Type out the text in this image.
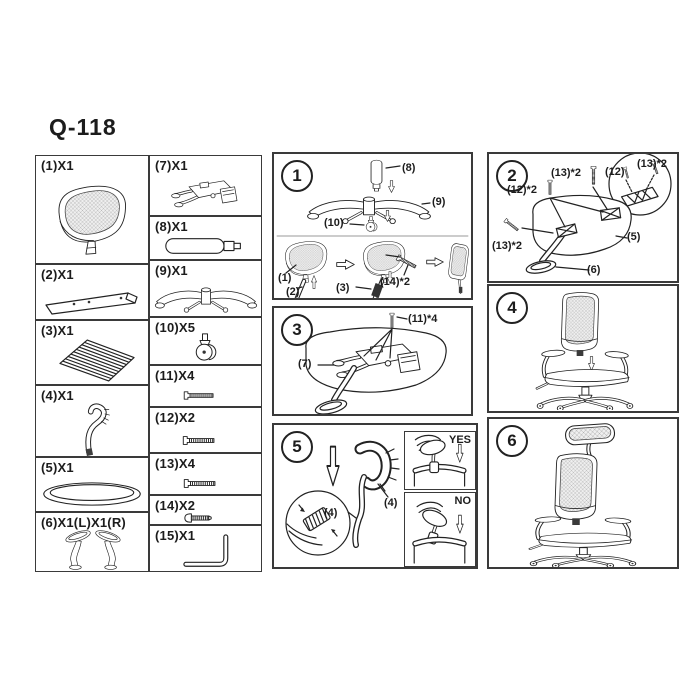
Q-118
(1)X1
(2)X1
(3)X1
(4)X1
(5)X1
(6)X1(L)X1(R)
(7)X1
(8)X1
(9)X1
(10)X5
(11)X4
(12)X2
(13)X4
(14)X2
(15)X1
1	(8)
(9)
(10)
(1)
(2)	(3)	(14)*2
2	(13)*2
(12)*2
(13)*2
(12)
(13)*2
(5)
(6)
3
(11)*4
(7)
4
5
(4)
(4)
YES
NO
6
